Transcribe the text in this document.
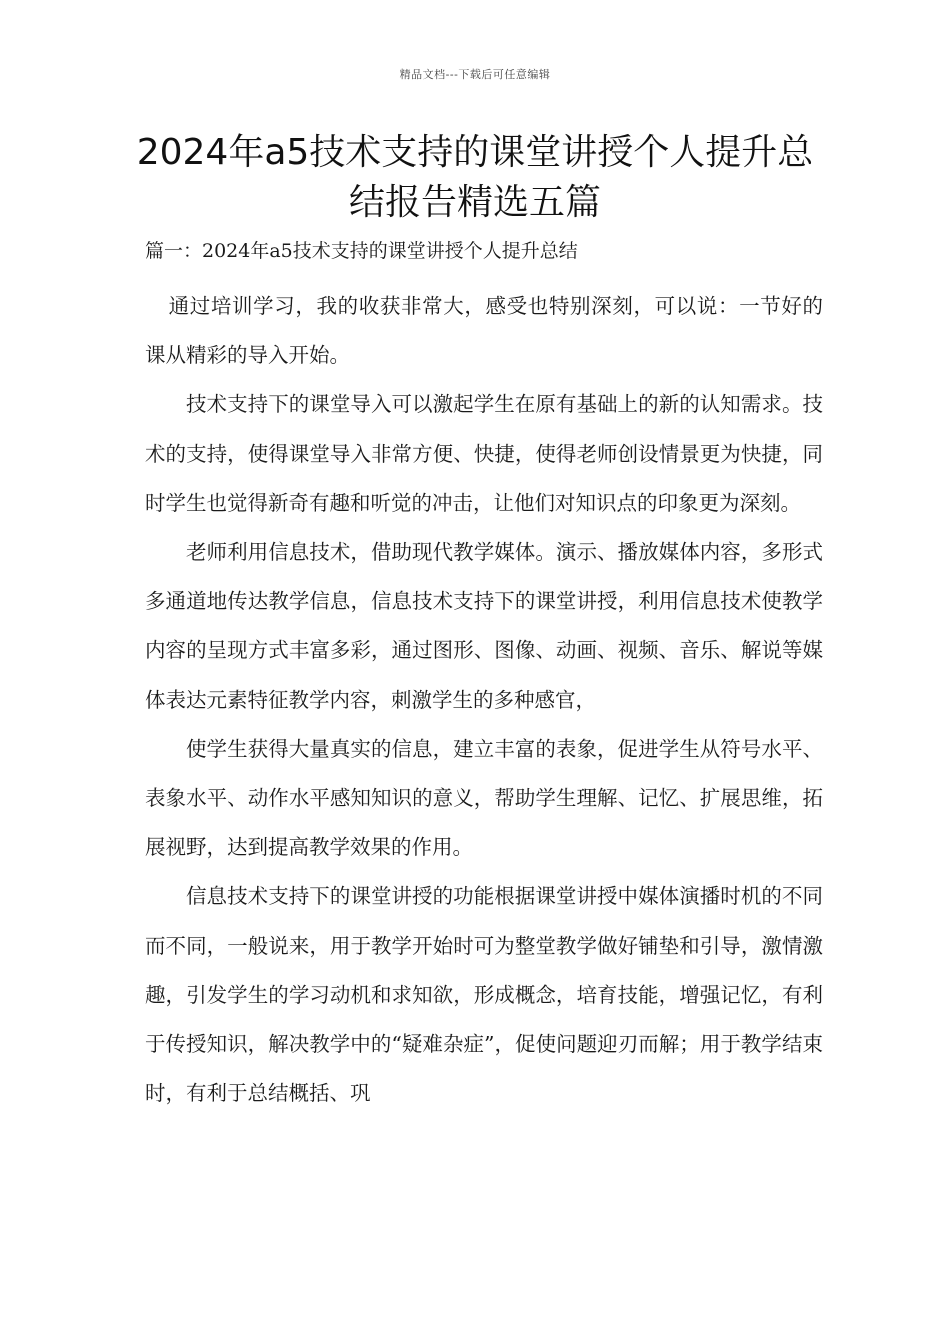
精品文档---下载后可任意编辑
2024年a5技术支持的课堂讲授个人提升总结报告精选五篇

篇一：2024年a5技术支持的课堂讲授个人提升总结

通过培训学习，我的收获非常大，感受也特别深刻，可以说：一节好的课从精彩的导入开始。

技术支持下的课堂导入可以激起学生在原有基础上的新的认知需求。技术的支持，使得课堂导入非常方便、快捷，使得老师创设情景更为快捷，同时学生也觉得新奇有趣和听觉的冲击，让他们对知识点的印象更为深刻。

老师利用信息技术，借助现代教学媒体。演示、播放媒体内容，多形式多通道地传达教学信息，信息技术支持下的课堂讲授，利用信息技术使教学内容的呈现方式丰富多彩，通过图形、图像、动画、视频、音乐、解说等媒体表达元素特征教学内容，刺激学生的多种感官，

使学生获得大量真实的信息，建立丰富的表象，促进学生从符号水平、表象水平、动作水平感知知识的意义，帮助学生理解、记忆、扩展思维，拓展视野，达到提高教学效果的作用。

信息技术支持下的课堂讲授的功能根据课堂讲授中媒体演播时机的不同而不同，一般说来，用于教学开始时可为整堂教学做好铺垫和引导，激情激趣，引发学生的学习动机和求知欲，形成概念，培育技能，增强记忆，有利于传授知识，解决教学中的“疑难杂症”，促使问题迎刃而解；用于教学结束时，有利于总结概括、巩
